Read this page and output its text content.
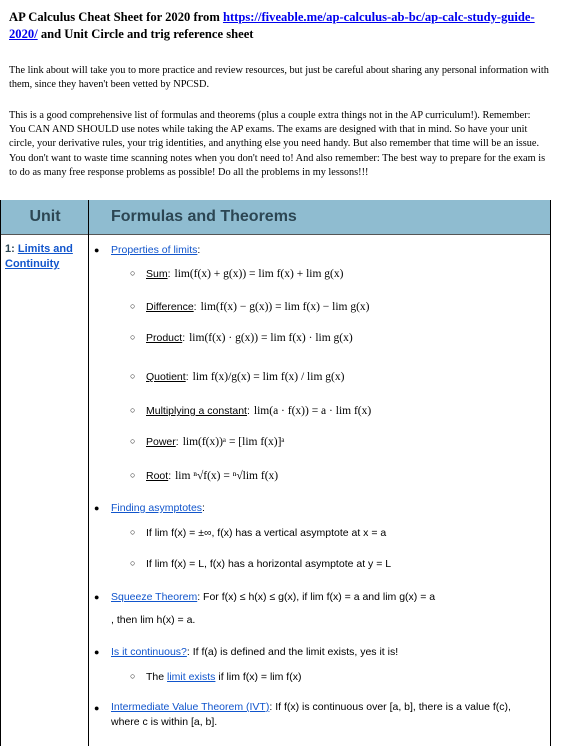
AP Calculus Cheat Sheet for 2020 from https://fiveable.me/ap-calculus-ab-bc/ap-calc-study-guide-2020/ and Unit Circle and trig reference sheet
The link about will take you to more practice and review resources, but just be careful about sharing any personal information with them, since they haven't been vetted by NPCSD.
This is a good comprehensive list of formulas and theorems (plus a couple extra things not in the AP curriculum!). Remember: You CAN AND SHOULD use notes while taking the AP exams. The exams are designed with that in mind. So have your unit circle, your derivative rules, your trig identities, and anything else you need handy. But also remember that time will be an issue. You don't want to waste time scanning notes when you don't need to! And also remember: The best way to prepare for the exam is to do as many free response problems as possible! Do all the problems in my lessons!!!
Unit	Formulas and Theorems
1: Limits and Continuity
● Properties of limits:
○ Sum: lim(f(x) + g(x)) = lim f(x) + lim g(x)
○ Difference: lim(f(x) − g(x)) = lim f(x) − lim g(x)
○ Product: lim(f(x) · g(x)) = lim f(x) · lim g(x)
○ Quotient: lim f(x)/g(x) = lim f(x) / lim g(x)
○ Multiplying a constant: lim(a · f(x)) = a · lim f(x)
○ Power: lim(f(x))ᵃ = [lim f(x)]ᵃ
○ Root: lim ⁿ√f(x) = ⁿ√lim f(x)
● Finding asymptotes:
○ If lim f(x) = ±∞, f(x) has a vertical asymptote at x = a
○ If lim f(x) = L, f(x) has a horizontal asymptote at y = L
● Squeeze Theorem: For f(x) ≤ h(x) ≤ g(x), if lim f(x) = a and lim g(x) = a
, then lim h(x) = a.
● Is it continuous?: If f(a) is defined and the limit exists, yes it is!
○ The limit exists if lim f(x) = lim f(x)
● Intermediate Value Theorem (IVT): If f(x) is continuous over [a, b], there is a value f(c), where c is within [a, b].
